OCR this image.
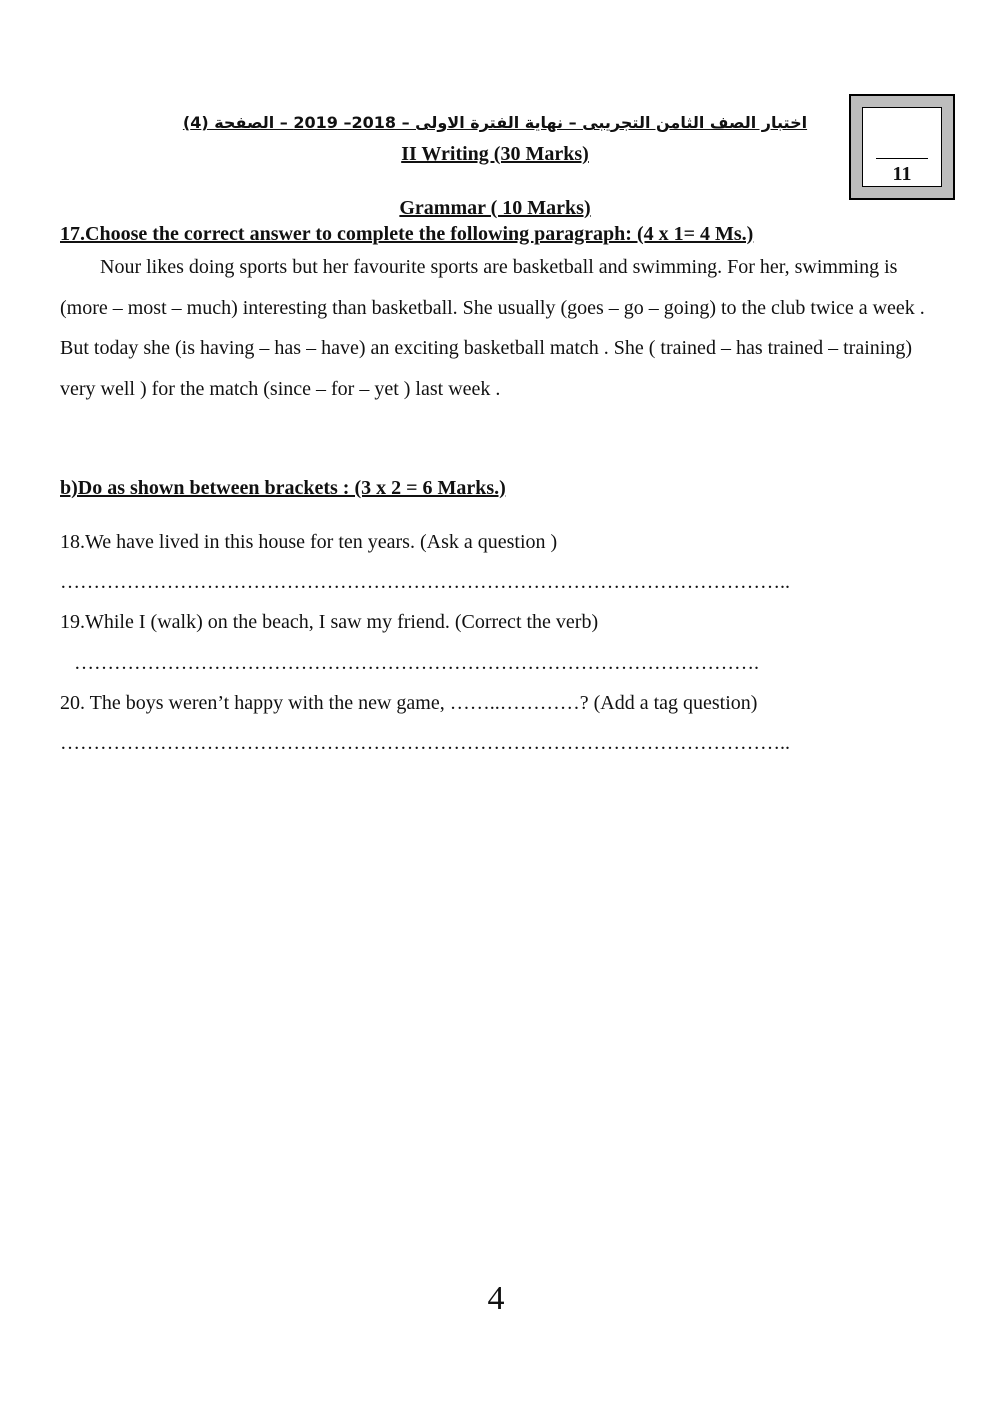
اختبار الصف الثامن التجريبى – نهاية الفترة الاولى – 2018– 2019 – الصفحة (4)
II Writing (30 Marks)
Grammar ( 10 Marks)
11
17.Choose the correct answer to complete the following paragraph: (4 x 1= 4 Ms.)
Nour likes doing sports but her favourite sports are basketball and swimming. For her, swimming is (more – most – much) interesting than basketball. She usually (goes – go – going) to the club twice a week . But today she (is having – has – have) an exciting basketball match . She ( trained – has trained – training) very well ) for the match (since – for – yet ) last week .
b)Do as shown between brackets : (3 x 2 = 6 Marks.)
18.We have lived in this house for ten years. (Ask a question )
………………………………………………………………………………………………..
19.While I (walk) on the beach, I saw my friend. (Correct the verb)
………………………………………………………………………………………….
20. The boys weren’t happy with the new game, ……..…………? (Add a tag question)
………………………………………………………………………………………………..
4
